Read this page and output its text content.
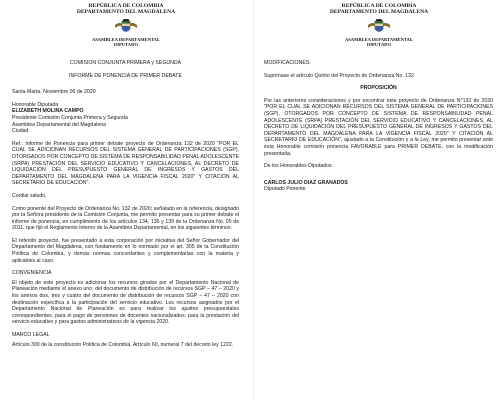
REPÚBLICA DE COLOMBIA
DEPARTAMENTO DEL MAGDALENA
ASAMBLEA DEPARTAMENTAL
DIPUTADO

COMISION CONJUNTA PRIMERA y SEGUNDA

INFORME DE PONENCIA DE PRIMER DEBATE

Santa Marta, Noviembre 06 de 2020

Honorable Diputada

ELIZABETH MOLINA CAMPO

Presidente Comisión Conjunta Primera y Segunda

Asamblea Departamental del Magdalena

Ciudad

Ref.: Informe de Ponencia para primer debate proyecto de Ordenanza 132 de 2020 "POR EL CUAL SE ADICIONAN RECURSOS DEL SISTEMA GENERAL DE PARTICIPACIONES (SGP), OTORGADOS POR CONCEPTO DE SISTEMA DE RESPONSABILIDAD PENAL ADOLESCENTE (SRPA) PRESTACIÓN DEL SERVICIO EDUCATIVO Y CANCELACIONES, AL DECRETO DE LIQUIDACIÓN DEL PRESUPUESTO GENERAL DE INGRESOS Y GASTOS DEL DEPARTAMENTO DEL MAGDALENA PARA LA VIGENCIA FISCAL 2020" Y CITACIÓN AL SECRETARIO DE EDUCACIÓN".

Cordial saludo,

Como ponente del Proyecto de Ordenanza No. 132 de 2020; señalado en la referencia, designado por la Señora presidente de la Comisión Conjunta, me permito presentar para su primer debate el informe de ponencia, en cumplimiento de los artículos 134, 136 y 139 de la Ordenanza No. 05 de 2011, que fijó el Reglamento Interno de la Asamblea Departamental, en los siguientes términos:

El referido proyecto, fue presentado a esta corporación por iniciativa del Señor Gobernador del Departamento del Magdalena, con fundamento en lo normado por el art. 305 de la Constitución Política de Colombia, y demás normas concordantes y complementarias con la materia y aplicables al caso.

CONVENIENCIA

El objeto de este proyecto es adicionar los recursos girados por el Departamento Nacional de Planeación mediante el anexo uno, del documento de distribución de recursos SGP – 47 – 2020 y los anexos dos, tres y cuatro del documento de distribución de recursos SGP – 47 – 2020 con destinación específica a la participación del servicio educativo. Los recursos asignados por el Departamento Nacional de Planeación es para realizar los ajustes presupuestales correspondientes, para el pago de pensiones de docentes nacionalizados, para la prestación del servicio educativo y para gastos administrativos de la vigencia 2020.

MARCO LEGAL

Artículo 300 de la constitución Política de Colombia, Artículo 60, numeral 7 del decreto ley 1222.

REPÚBLICA DE COLOMBIA
DEPARTAMENTO DEL MAGDALENA
ASAMBLEA DEPARTAMENTAL
DIPUTADO

MODIFICACIONES:

Suprímase el artículo Quinto del Proyecto de Ordenanza No. 132

PROPOSICIÓN

Por las anteriores consideraciones y por encontrar este proyecto de Ordenanza N°132 de 2020 "POR EL CUAL SE ADICIONAN RECURSOS DEL SISTEMA GENERAL DE PARTICIPACIONES (SGP), OTORGADOS POR CONCEPTO DE SISTEMA DE RESPONSABILIDAD PENAL ADOLESCENTE (SRPA) PRESTACIÓN DEL SERVICIO EDUCATIVO Y CANCELACIONES, AL DECRETO DE LIQUIDACIÓN DEL PRESUPUESTO GENERAL DE INGRESOS Y GASTOS DEL DEPARTAMENTO DEL MAGDALENA PARA LA VIGENCIA FISCAL 2020" Y CITACIÓN AL SECRETARIO DE EDUCACIÓN", ajustado a la Constitución y a la Ley, me permito presentar ante esta Honorable comisión ponencia FAVORABLE para PRIMER DEBATE, con la modificación presentada.

De los Honorables Diputados.

CARLOS JULIO DIAZ GRANADOS

Diputado Ponente
